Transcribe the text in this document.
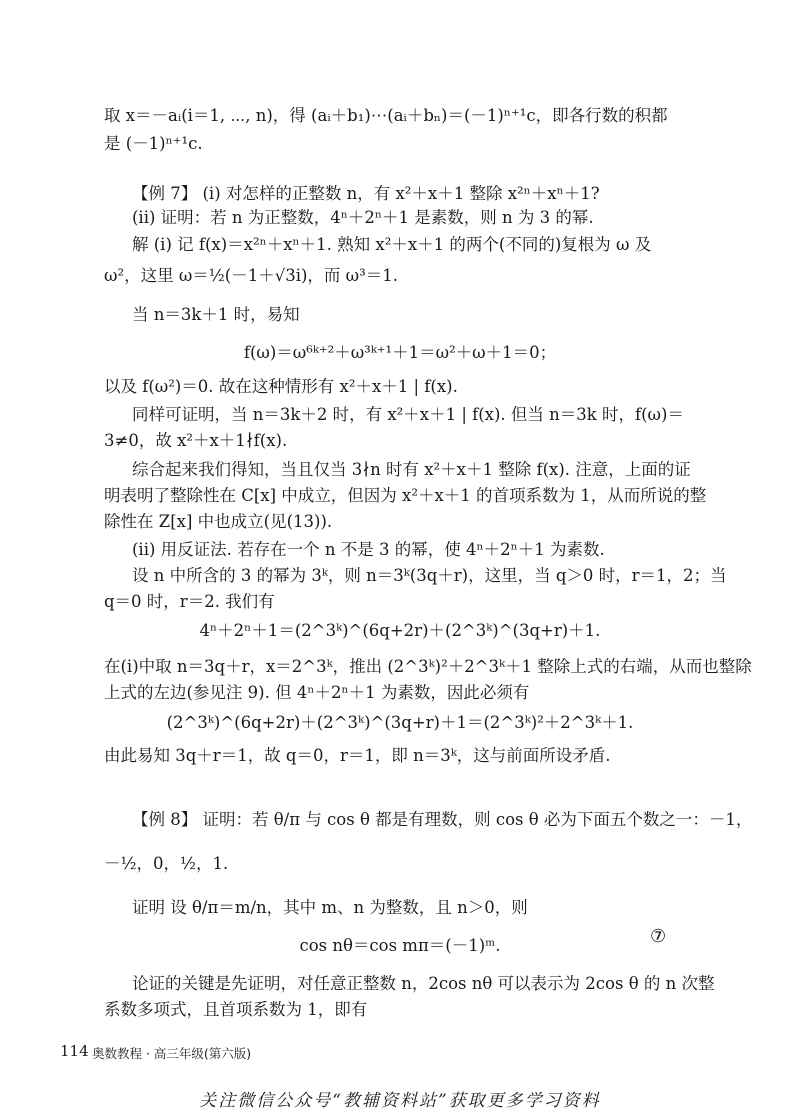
取 x＝－aᵢ(i＝1, ⋯, n)，得 (aᵢ＋b₁)⋯(aᵢ＋bₙ)＝(－1)ⁿ⁺¹c，即各行数的积都
是 (－1)ⁿ⁺¹c.
【例 7】 (i) 对怎样的正整数 n，有 x²＋x＋1 整除 x²ⁿ＋xⁿ＋1?
(ii) 证明：若 n 为正整数，4ⁿ＋2ⁿ＋1 是素数，则 n 为 3 的幂.
解 (i) 记 f(x)＝x²ⁿ＋xⁿ＋1. 熟知 x²＋x＋1 的两个(不同的)复根为 ω 及
ω²，这里 ω＝½(－1＋√3i)，而 ω³＝1.
当 n＝3k＋1 时，易知
f(ω)＝ω⁶ᵏ⁺²＋ω³ᵏ⁺¹＋1＝ω²＋ω＋1＝0；
以及 f(ω²)＝0. 故在这种情形有 x²＋x＋1 | f(x).
同样可证明，当 n＝3k＋2 时，有 x²＋x＋1 | f(x). 但当 n＝3k 时，f(ω)＝
3≠0，故 x²＋x＋1∤f(x).
综合起来我们得知，当且仅当 3∤n 时有 x²＋x＋1 整除 f(x). 注意，上面的证
明表明了整除性在 C[x] 中成立，但因为 x²＋x＋1 的首项系数为 1，从而所说的整
除性在 Z[x] 中也成立(见(13)).
(ii) 用反证法. 若存在一个 n 不是 3 的幂，使 4ⁿ＋2ⁿ＋1 为素数.
设 n 中所含的 3 的幂为 3ᵏ，则 n＝3ᵏ(3q＋r)，这里，当 q＞0 时，r＝1，2；当
q＝0 时，r＝2. 我们有
4ⁿ＋2ⁿ＋1＝(2^3ᵏ)^(6q+2r)＋(2^3ᵏ)^(3q+r)＋1.
在(i)中取 n＝3q＋r，x＝2^3ᵏ，推出 (2^3ᵏ)²＋2^3ᵏ＋1 整除上式的右端，从而也整除
上式的左边(参见注 9). 但 4ⁿ＋2ⁿ＋1 为素数，因此必须有
(2^3ᵏ)^(6q+2r)＋(2^3ᵏ)^(3q+r)＋1＝(2^3ᵏ)²＋2^3ᵏ＋1.
由此易知 3q＋r＝1，故 q＝0，r＝1，即 n＝3ᵏ，这与前面所设矛盾.
【例 8】 证明：若 θ/π 与 cos θ 都是有理数，则 cos θ 必为下面五个数之一：－1，
－½，0，½，1.
证明 设 θ/π＝m/n，其中 m、n 为整数，且 n＞0，则
cos nθ＝cos mπ＝(－1)ᵐ.
论证的关键是先证明，对任意正整数 n，2cos nθ 可以表示为 2cos θ 的 n 次整
系数多项式，且首项系数为 1，即有
⑦
114 奥数教程 · 高三年级(第六版)
关注微信公众号“教辅资料站”获取更多学习资料
